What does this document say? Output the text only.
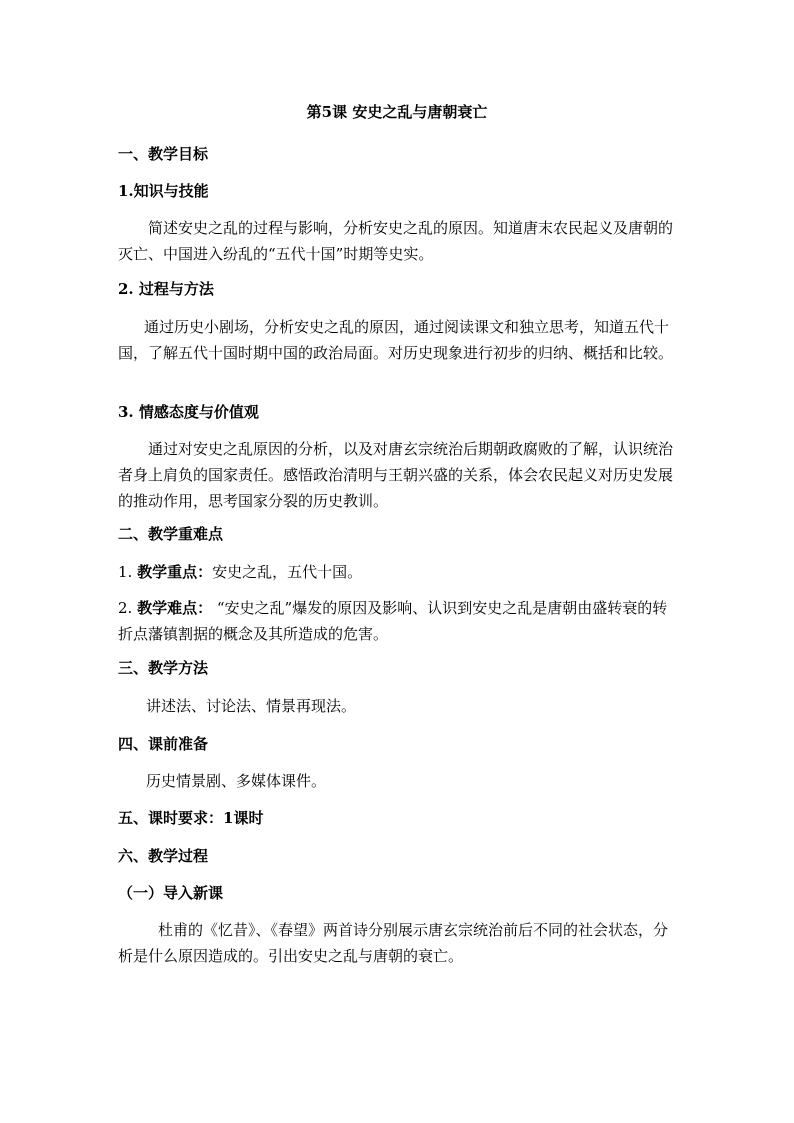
第5课 安史之乱与唐朝衰亡
一、教学目标
1.知识与技能
简述安史之乱的过程与影响，分析安史之乱的原因。知道唐末农民起义及唐朝的灭亡、中国进入纷乱的“五代十国”时期等史实。
2. 过程与方法
通过历史小剧场，分析安史之乱的原因，通过阅读课文和独立思考，知道五代十国，了解五代十国时期中国的政治局面。对历史现象进行初步的归纳、概括和比较。
3. 情感态度与价值观
通过对安史之乱原因的分析，以及对唐玄宗统治后期朝政腐败的了解，认识统治者身上肩负的国家责任。感悟政治清明与王朝兴盛的关系，体会农民起义对历史发展的推动作用，思考国家分裂的历史教训。
二、教学重难点
1. 教学重点：安史之乱，五代十国。
2. 教学难点： “安史之乱”爆发的原因及影响、认识到安史之乱是唐朝由盛转衰的转折点藩镇割据的概念及其所造成的危害。
三、教学方法
讲述法、讨论法、情景再现法。
四、课前准备
历史情景剧、多媒体课件。
五、课时要求：1课时
六、教学过程
（一）导入新课
杜甫的《忆昔》、《春望》两首诗分别展示唐玄宗统治前后不同的社会状态，分析是什么原因造成的。引出安史之乱与唐朝的衰亡。
